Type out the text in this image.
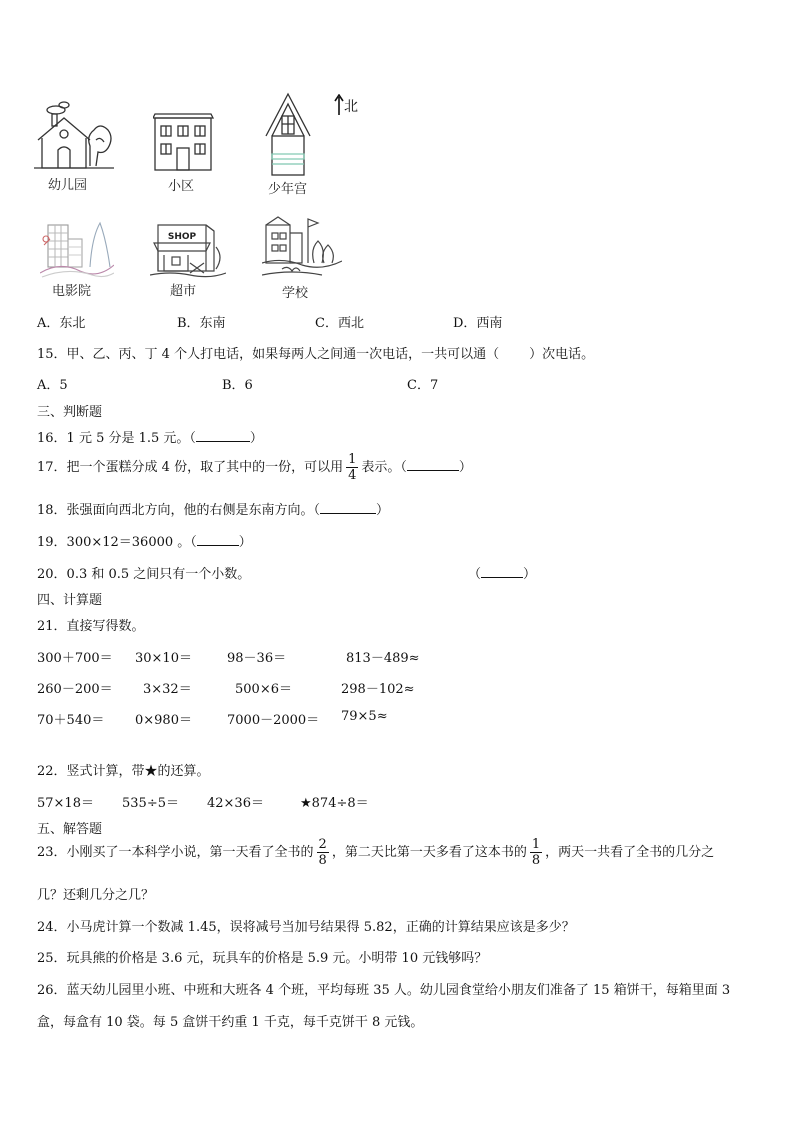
幼儿园	小区	少年宫
北
电影院
SHOP
超市	学校
A．东北	B．东南	C．西北	D．西南
15．甲、乙、丙、丁 4 个人打电话，如果每两人之间通一次电话，一共可以通（ ）次电话。
A．5	B．6	C．7
三、判断题
16．1 元 5 分是 1.5 元。（	）
17．把一个蛋糕分成 4 份，取了其中的一份，可以用 $\frac{1}{4}$ 表示。（	）
18．张强面向西北方向，他的右侧是东南方向。（	）
19．300×12＝36000 。（	）
20．0.3 和 0.5 之间只有一个小数。	（	）
四、计算题
21．直接写得数。
300＋700＝ 30×10＝	98－36＝	813－489≈
260－200＝ 3×32＝	500×6＝	298－102≈
70＋540＝ 0×980＝	7000－2000＝ 79×5≈
22．竖式计算，带★的还算。
57×18＝ 535÷5＝ 42×36＝	★874÷8＝
五、解答题
23．小刚买了一本科学小说，第一天看了全书的 $\frac{2}{8}$ ，第二天比第一天多看了这本书的 $\frac{1}{8}$ ，两天一共看了全书的几分之
几？还剩几分之几？
24．小马虎计算一个数减 1.45，误将减号当加号结果得 5.82，正确的计算结果应该是多少？
25．玩具熊的价格是 3.6 元，玩具车的价格是 5.9 元。小明带 10 元钱够吗？
26．蓝天幼儿园里小班、中班和大班各 4 个班，平均每班 35 人。幼儿园食堂给小朋友们准备了 15 箱饼干，每箱里面 3
盒，每盒有 10 袋。每 5 盒饼干约重 1 千克，每千克饼干 8 元钱。
